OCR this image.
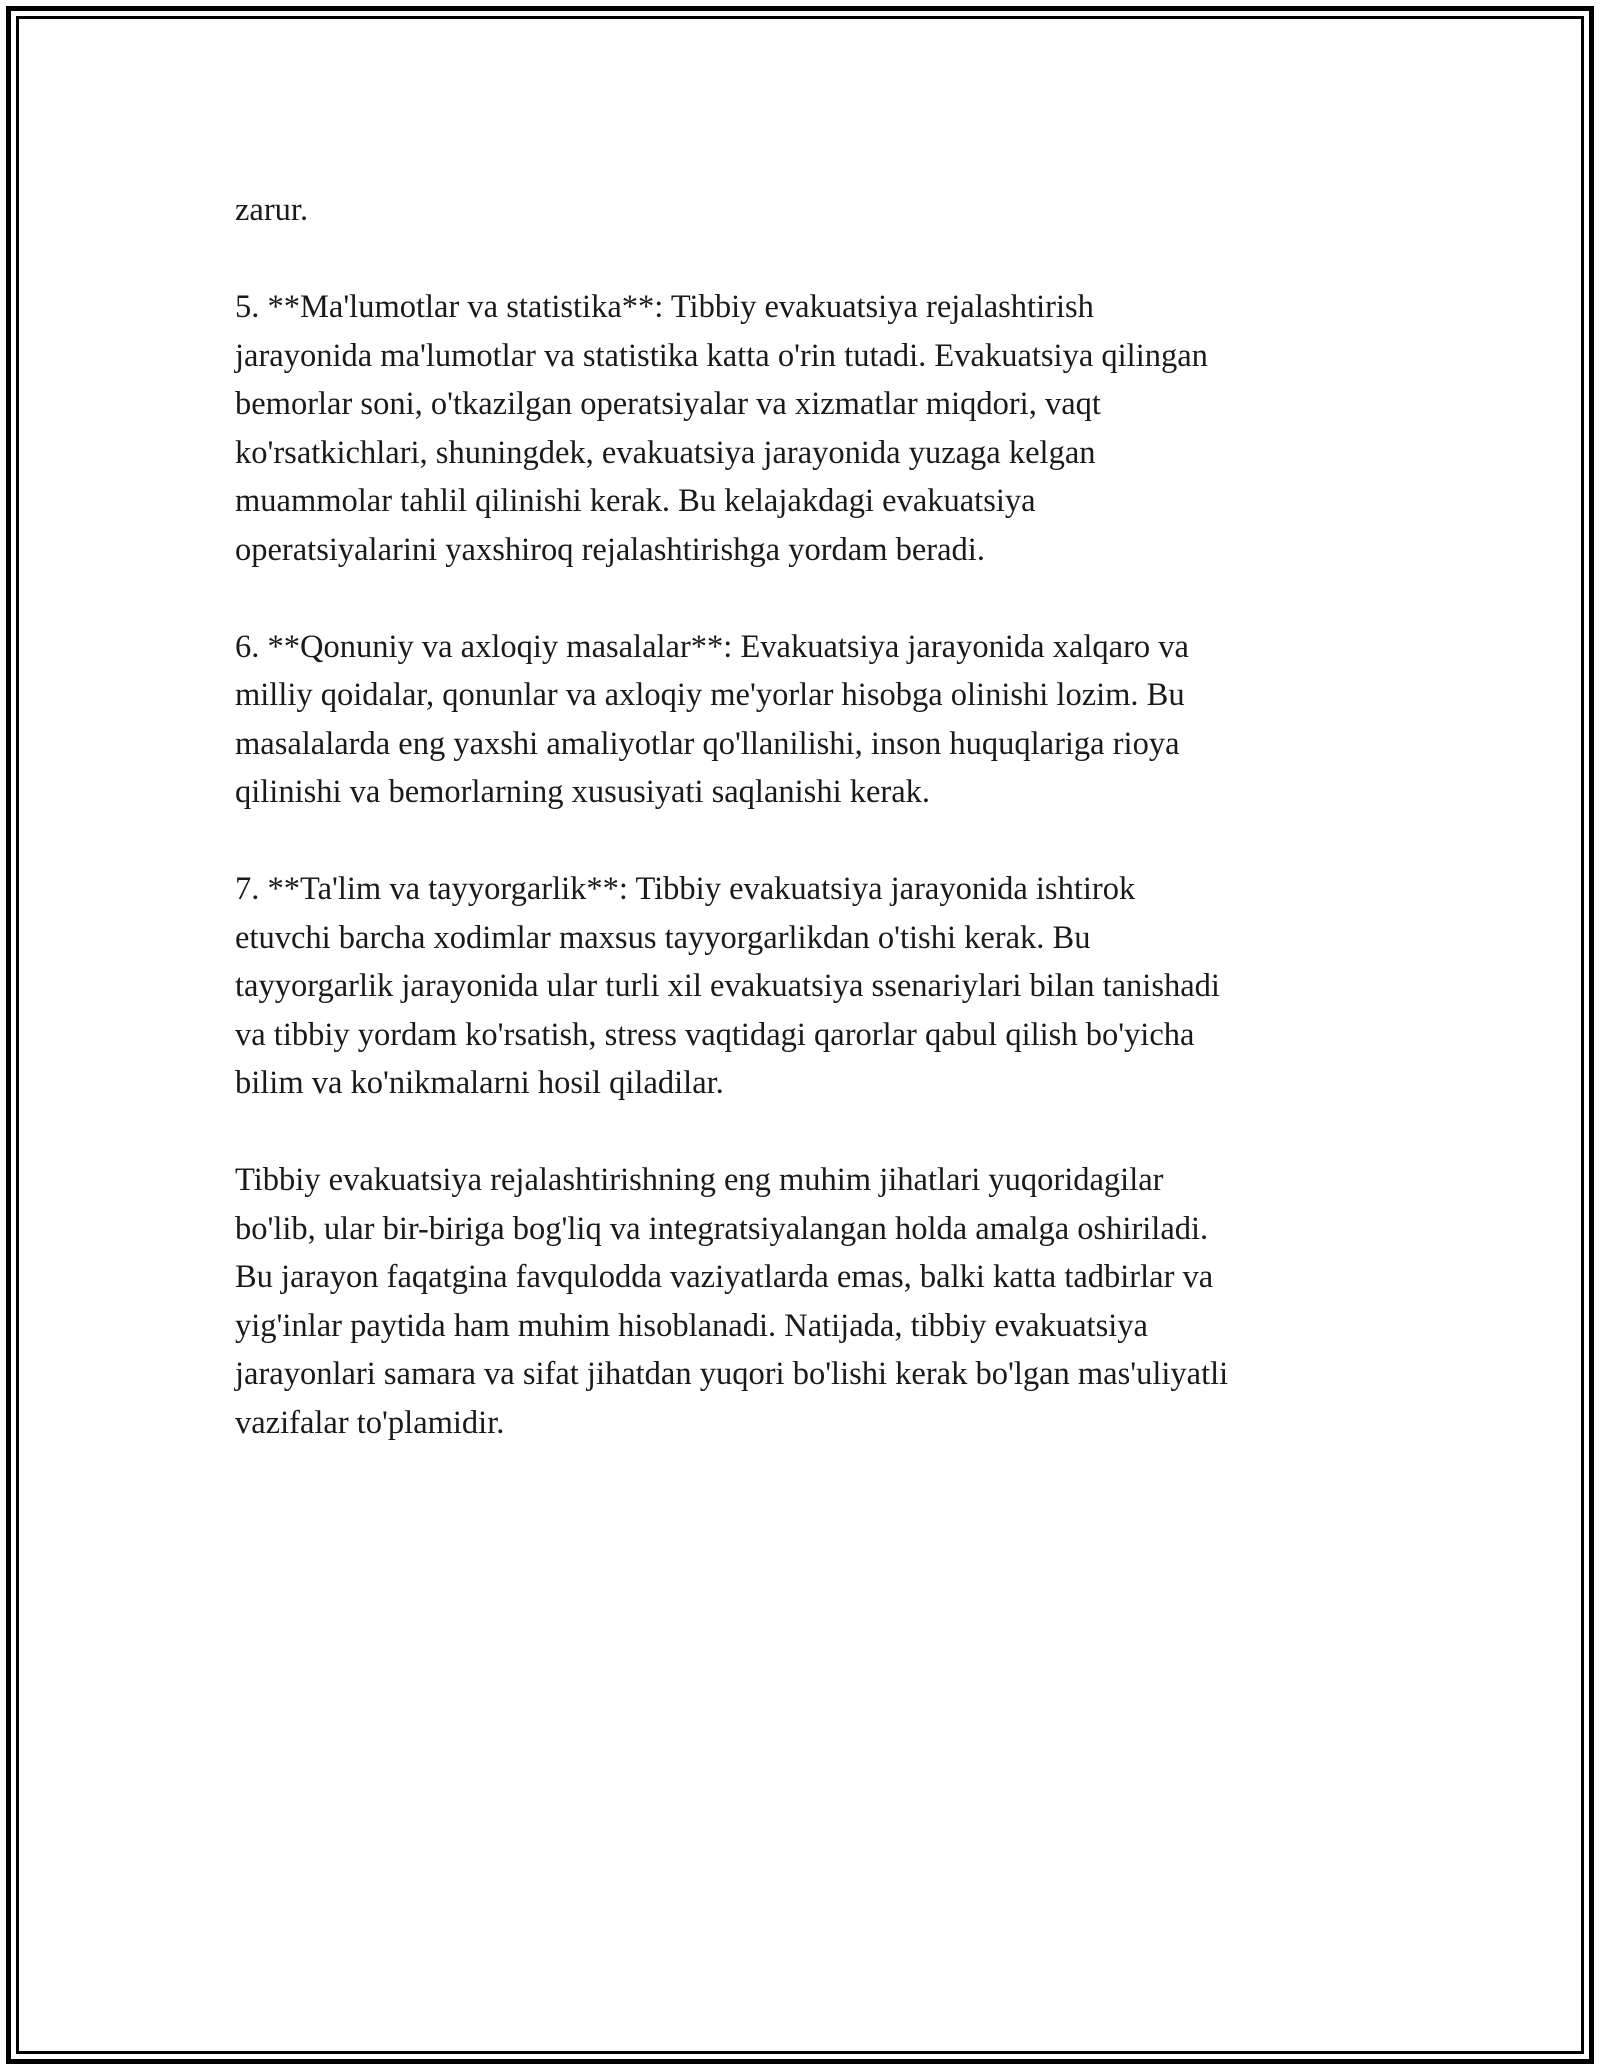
zarur.

5. **Ma'lumotlar va statistika**: Tibbiy evakuatsiya rejalashtirish
jarayonida ma'lumotlar va statistika katta o'rin tutadi. Evakuatsiya qilingan
bemorlar soni, o'tkazilgan operatsiyalar va xizmatlar miqdori, vaqt
ko'rsatkichlari, shuningdek, evakuatsiya jarayonida yuzaga kelgan
muammolar tahlil qilinishi kerak. Bu kelajakdagi evakuatsiya
operatsiyalarini yaxshiroq rejalashtirishga yordam beradi.

6. **Qonuniy va axloqiy masalalar**: Evakuatsiya jarayonida xalqaro va
milliy qoidalar, qonunlar va axloqiy me'yorlar hisobga olinishi lozim. Bu
masalalarda eng yaxshi amaliyotlar qo'llanilishi, inson huquqlariga rioya
qilinishi va bemorlarning xususiyati saqlanishi kerak.

7. **Ta'lim va tayyorgarlik**: Tibbiy evakuatsiya jarayonida ishtirok
etuvchi barcha xodimlar maxsus tayyorgarlikdan o'tishi kerak. Bu
tayyorgarlik jarayonida ular turli xil evakuatsiya ssenariylari bilan tanishadi
va tibbiy yordam ko'rsatish, stress vaqtidagi qarorlar qabul qilish bo'yicha
bilim va ko'nikmalarni hosil qiladilar.

Tibbiy evakuatsiya rejalashtirishning eng muhim jihatlari yuqoridagilar
bo'lib, ular bir-biriga bog'liq va integratsiyalangan holda amalga oshiriladi.
Bu jarayon faqatgina favqulodda vaziyatlarda emas, balki katta tadbirlar va
yig'inlar paytida ham muhim hisoblanadi. Natijada, tibbiy evakuatsiya
jarayonlari samara va sifat jihatdan yuqori bo'lishi kerak bo'lgan mas'uliyatli
vazifalar to'plamidir.
